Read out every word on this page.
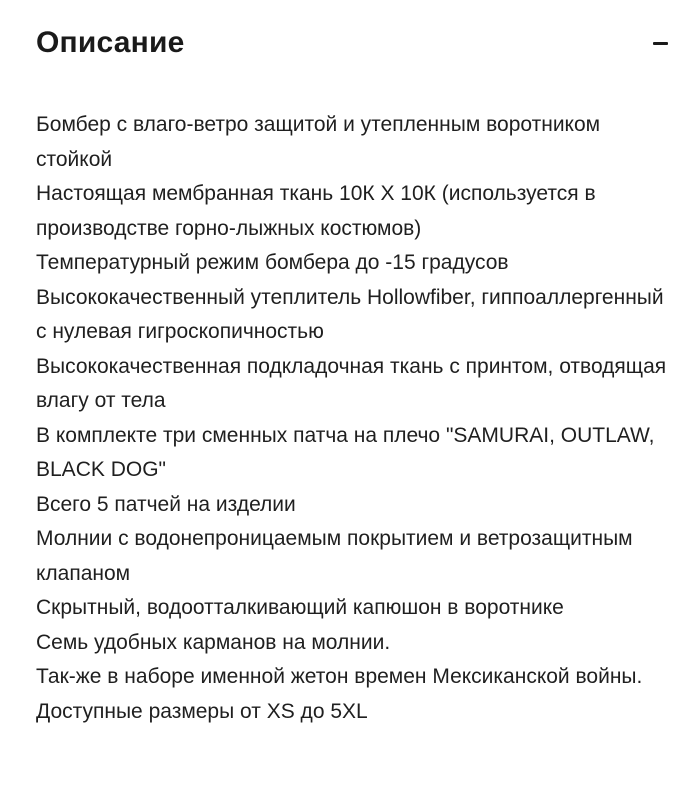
Описание
Бомбер с влаго-ветро защитой и утепленным воротником стойкой
Настоящая мембранная ткань 10К Х 10К (используется в производстве горно-лыжных костюмов)
Температурный режим бомбера до -15 градусов
Высококачественный утеплитель Hollowfiber, гиппоаллергенный с нулевая гигроскопичностью
Высококачественная подкладочная ткань с принтом, отводящая влагу от тела
В комплекте три сменных патча на плечо "SAMURAI, OUTLAW, BLACK DOG"
Всего 5 патчей на изделии
Молнии с водонепроницаемым покрытием и ветрозащитным клапаном
Скрытный, водоотталкивающий капюшон в воротнике
Семь удобных карманов на молнии.
Так-же в наборе именной жетон времен Мексиканской войны.
Доступные размеры от XS до 5XL
